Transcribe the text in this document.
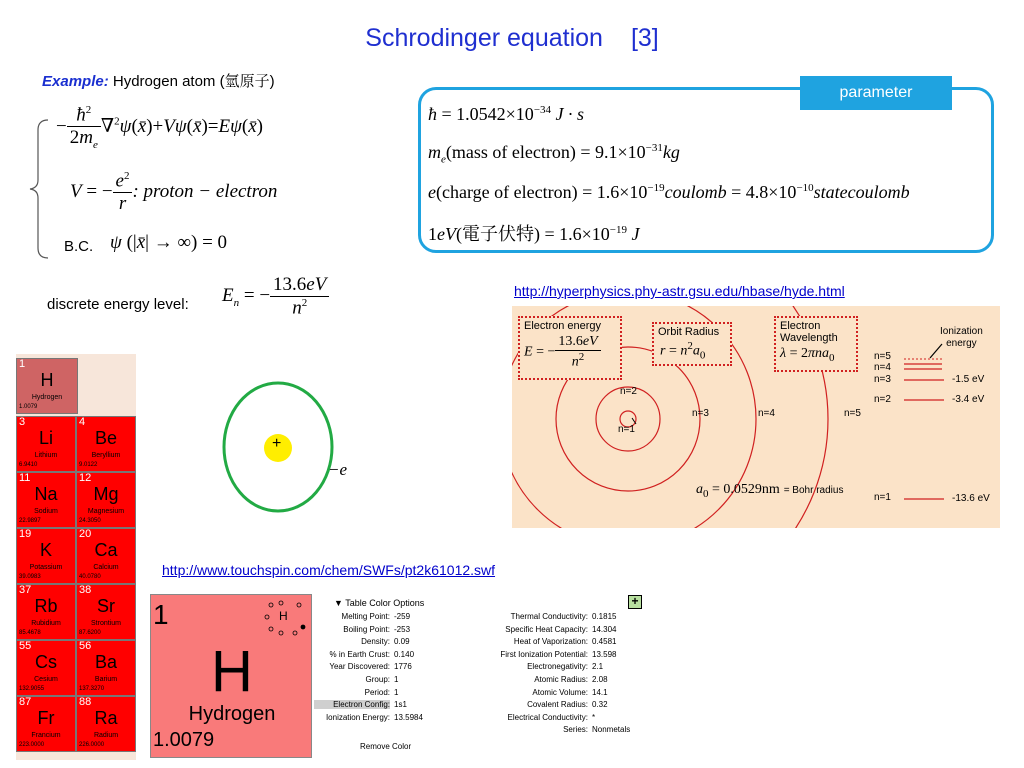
Schrodinger equation [3]
Example: Hydrogen atom (氫原子)
− $\frac{ħ^2}{2m_e}$ ∇$^2$ψ(x̄)+Vψ(x̄)=Eψ(x̄)
V = − $\frac{e^2}{r}$ : proton − electron
B.C. ψ (|x̄| → ∞) = 0
discrete energy level: $E_n$ = − $\frac{13.6eV}{n^2}$
parameter
ħ = $1.0542\times 10^{-34}$ J · s
$m_e(mass$ of electron) = $9.1\times 10^{-31}kg$
e(charge of electron) = $1.6\times 10^{-19}coulomb$ = $4.8\times 10^{-10}statecoulomb$
1eV(電子伏特) = $1.6\times 10^{-19}$ J
http://hyperphysics.phy-astr.gsu.edu/hbase/hyde.html
Electron energy
E = − $\frac{13.6eV}{n^2}$
Orbit Radius
$r = n^2a_0$
Electron
Wavelength
λ = 2πna$_0$
n=1
n=2
n=3	n=4	n=5
Ionization
energy
n=5
n=4
n=3
n=2
n=1
-1.5 eV
-3.4 eV
-13.6 eV
$a_0 = 0.0529nm$ = Bohr radius
+
−e
1
H
Hydrogen
1.0079
3
Li
Lithium
6.9410
4
Be
Beryllium
9.0122
11
Na
Sodium
22.9897
12
Mg
Magnesium
24.3050
19
K
Potassium
39.0983
20
Ca
Calcium
40.0780
37
Rb
Rubidium
85.4678
38
Sr
Strontium
87.6200
55
Cs
Cesium
132.9055
56
Ba
Barium
137.3270
87
Fr
Francium
223.0000
88
Ra
Radium
226.0000
http://www.touchspin.com/chem/SWFs/pt2k61012.swf
1	H
H
Hydrogen
1.0079
▼ Table Color Options	+
Remove Color
Melting Point: -259
Boiling Point: -253
Density: 0.09
% in Earth Crust: 0.140
Year Discovered: 1776
Group: 1
Period: 1
Electron Config: 1s1
Ionization Energy: 13.5984
Thermal Conductivity: 0.1815
Specific Heat Capacity: 14.304
Heat of Vaporization: 0.4581
First Ionization Potential: 13.598
Electronegativity: 2.1
Atomic Radius: 2.08
Atomic Volume: 14.1
Covalent Radius: 0.32
Electrical Conductivity: *
Series: Nonmetals
